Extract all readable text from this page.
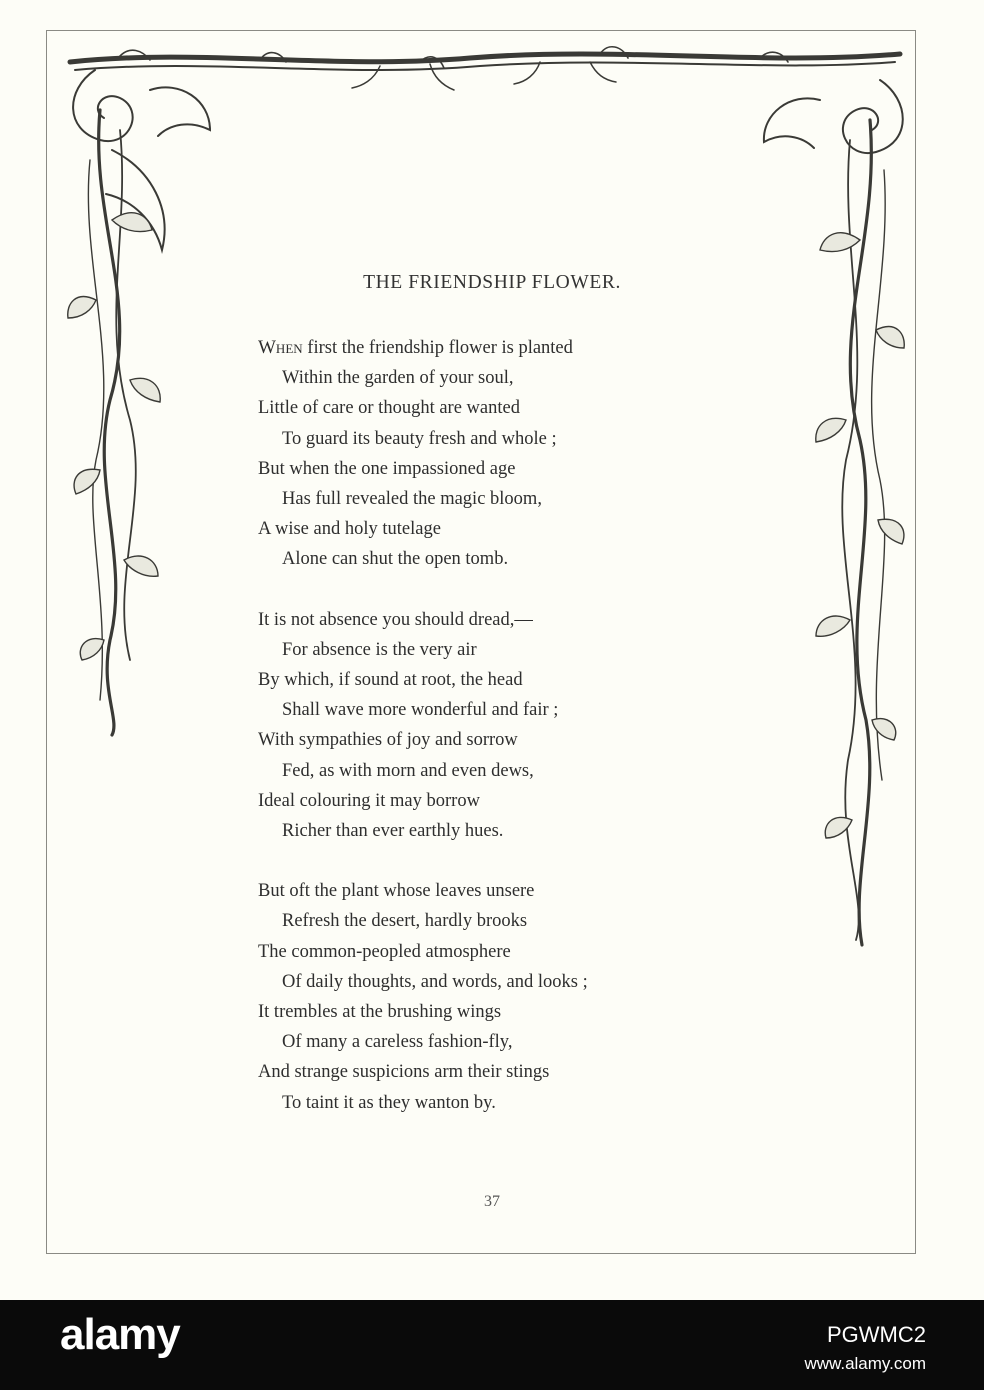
THE FRIENDSHIP FLOWER.
When first the friendship flower is planted
Within the garden of your soul,
Little of care or thought are wanted
To guard its beauty fresh and whole ;
But when the one impassioned age
Has full revealed the magic bloom,
A wise and holy tutelage
Alone can shut the open tomb.
It is not absence you should dread,—
For absence is the very air
By which, if sound at root, the head
Shall wave more wonderful and fair ;
With sympathies of joy and sorrow
Fed, as with morn and even dews,
Ideal colouring it may borrow
Richer than ever earthly hues.
But oft the plant whose leaves unsere
Refresh the desert, hardly brooks
The common-peopled atmosphere
Of daily thoughts, and words, and looks ;
It trembles at the brushing wings
Of many a careless fashion-fly,
And strange suspicions arm their stings
To taint it as they wanton by.
37
alamy	PGWMC2
www.alamy.com
